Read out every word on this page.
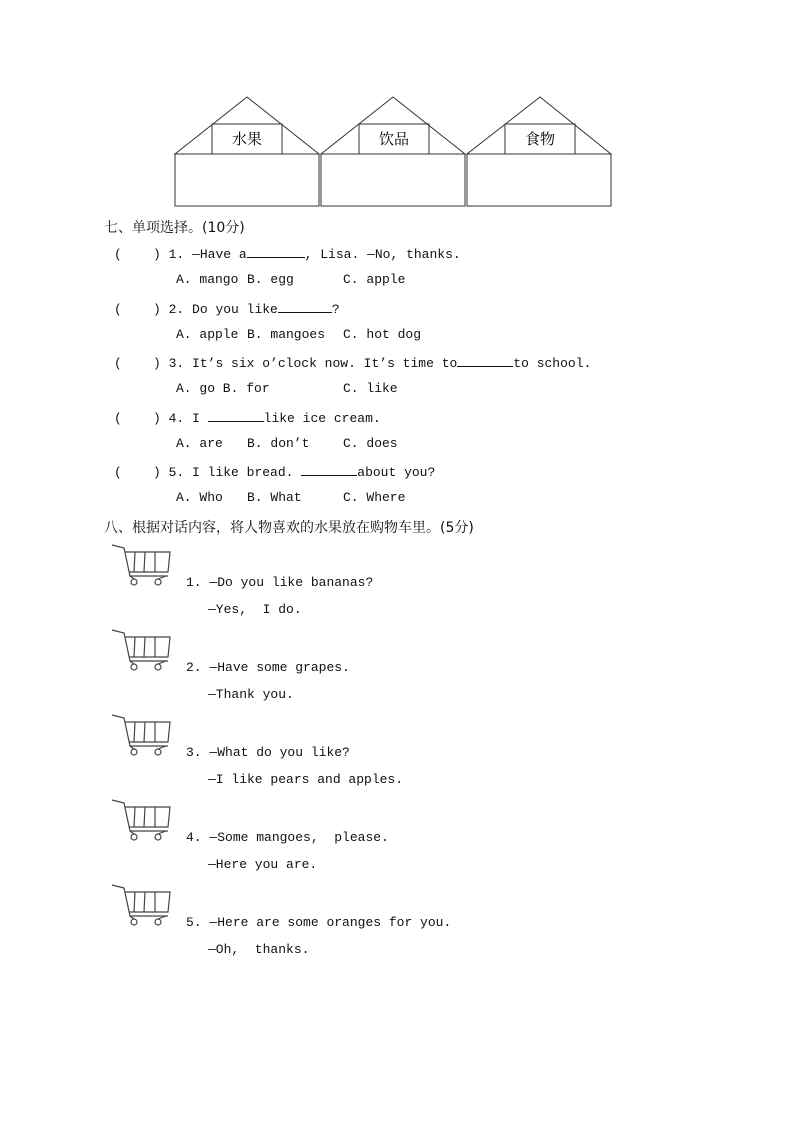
水果	饮品	食物
七、单项选择。(10分)
(    ) 1. —Have a	, Lisa. —No, thanks.
A. mango B. egg	C. apple
(    ) 2. Do you like	?
A. apple B. mangoes C. hot dog
(    ) 3. It’s six o’clock now. It’s time to	to school.
A. go B. for	C. like
(    ) 4. I	like ice cream.
A. are B. don’t	C. does
(    ) 5. I like bread.	about you?
A. Who B. What	C. Where
八、根据对话内容，将人物喜欢的水果放在购物车里。(5分)
1. —Do you like bananas?
—Yes,  I do.
2. —Have some grapes.
—Thank you.
3. —What do you like?
—I like pears and apples.
4. —Some mangoes,  please.
—Here you are.
5. —Here are some oranges for you.
—Oh,  thanks.
